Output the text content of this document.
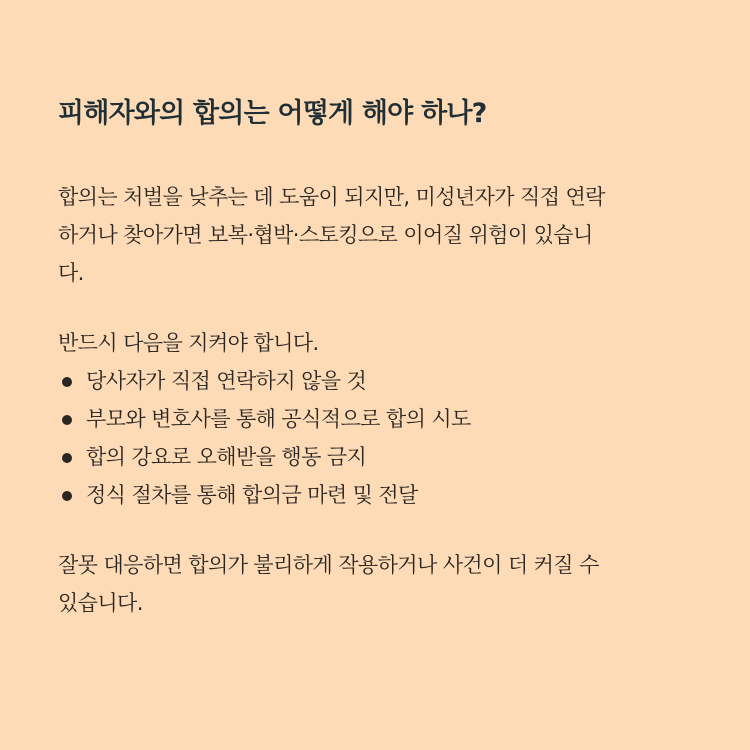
피해자와의 합의는 어떻게 해야 하나?

합의는 처벌을 낮추는 데 도움이 되지만, 미성년자가 직접 연락
하거나 찾아가면 보복·협박·스토킹으로 이어질 위험이 있습니
다.

반드시 다음을 지켜야 합니다.

당사자가 직접 연락하지 않을 것
부모와 변호사를 통해 공식적으로 합의 시도
합의 강요로 오해받을 행동 금지
정식 절차를 통해 합의금 마련 및 전달

잘못 대응하면 합의가 불리하게 작용하거나 사건이 더 커질 수
있습니다.
